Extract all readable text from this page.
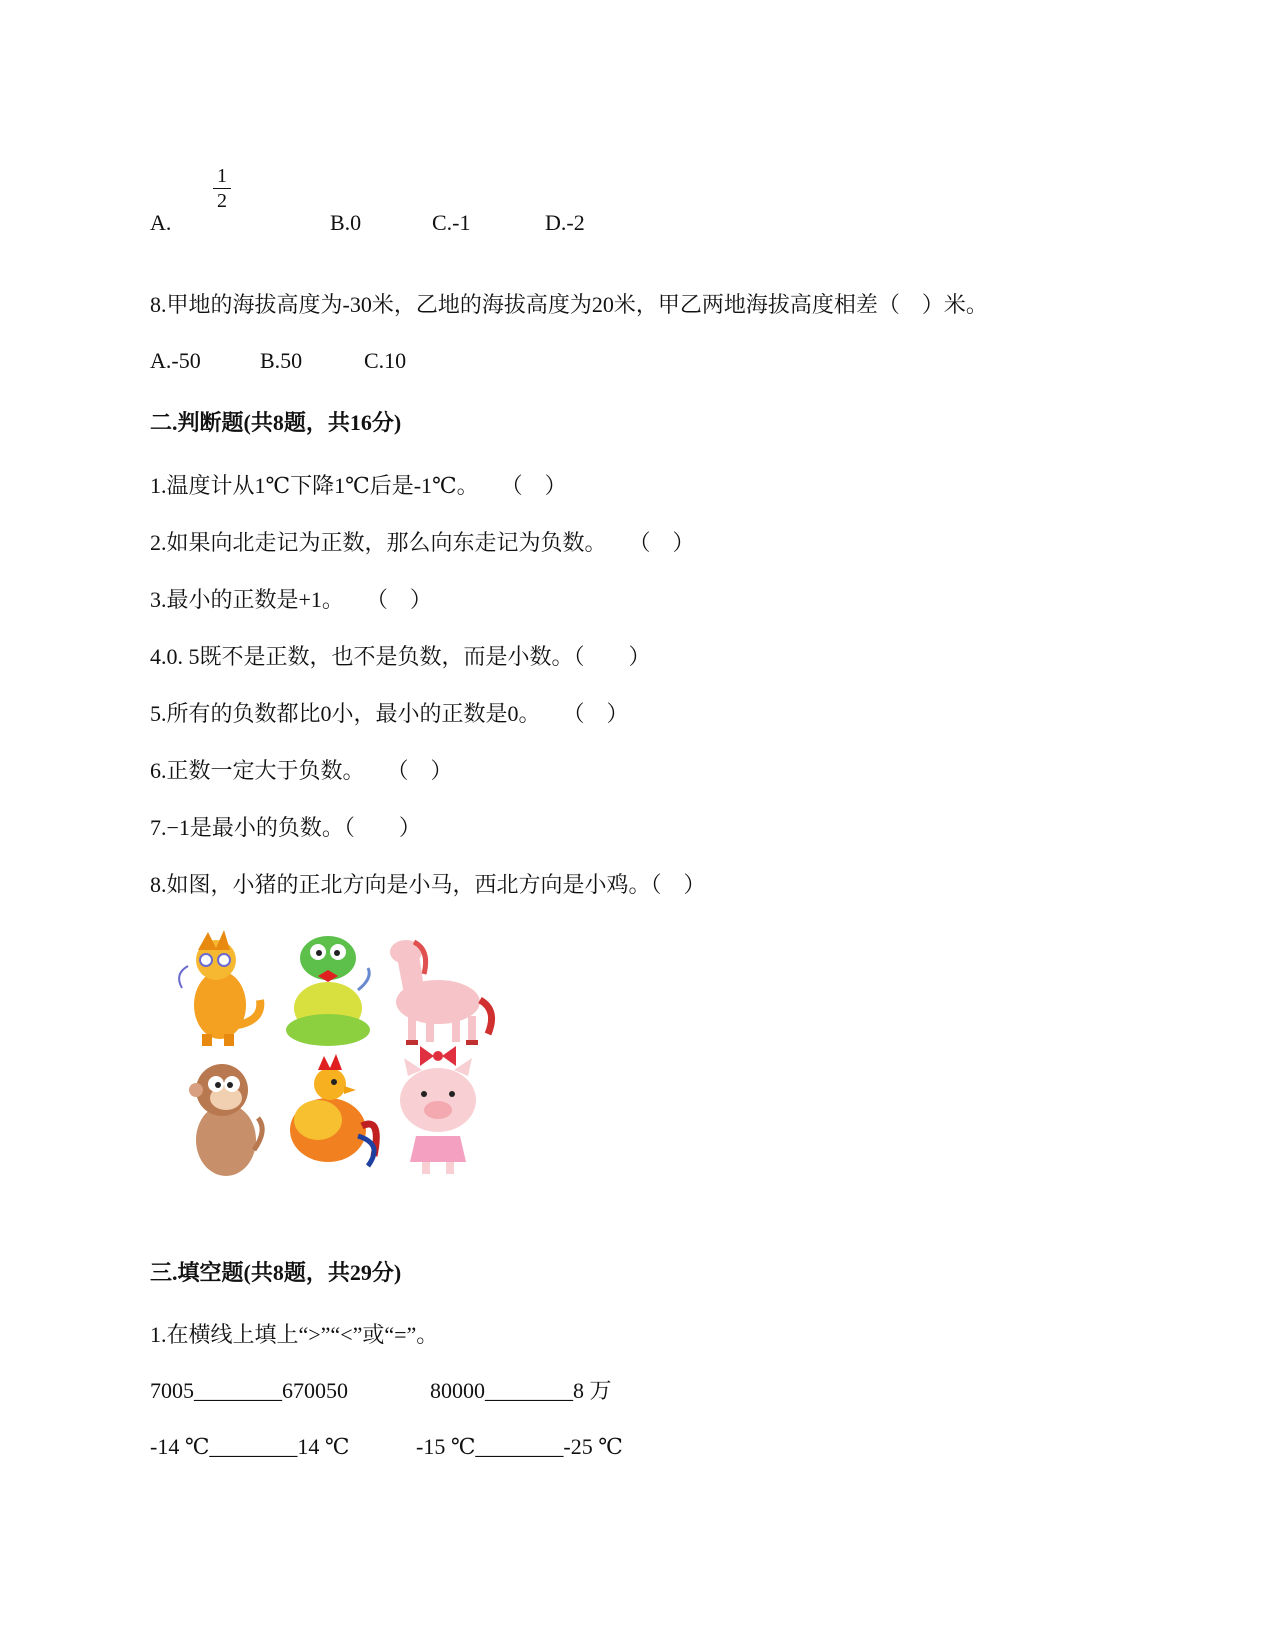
A.
1
2
B.0	C.-1	D.-2
8.甲地的海拔高度为-30米，乙地的海拔高度为20米，甲乙两地海拔高度相差（　）米。
A.-50	B.50	C.10
二.判断题(共8题，共16分)
1.温度计从1℃下降1℃后是-1℃。　　（　）
2.如果向北走记为正数，那么向东走记为负数。　　（　）
3.最小的正数是+1。　　（　）
4.0. 5既不是正数，也不是负数，而是小数。（　　）
5.所有的负数都比0小，最小的正数是0。　　（　）
6.正数一定大于负数。　　（　）
7.−1是最小的负数。（　　）
8.如图，小猪的正北方向是小马，西北方向是小鸡。（　）
三.填空题(共8题，共29分)
1.在横线上填上“>”“<”或“=”。
7005________670050	80000________8 万
-14 ℃________14 ℃	-15 ℃________-25 ℃
